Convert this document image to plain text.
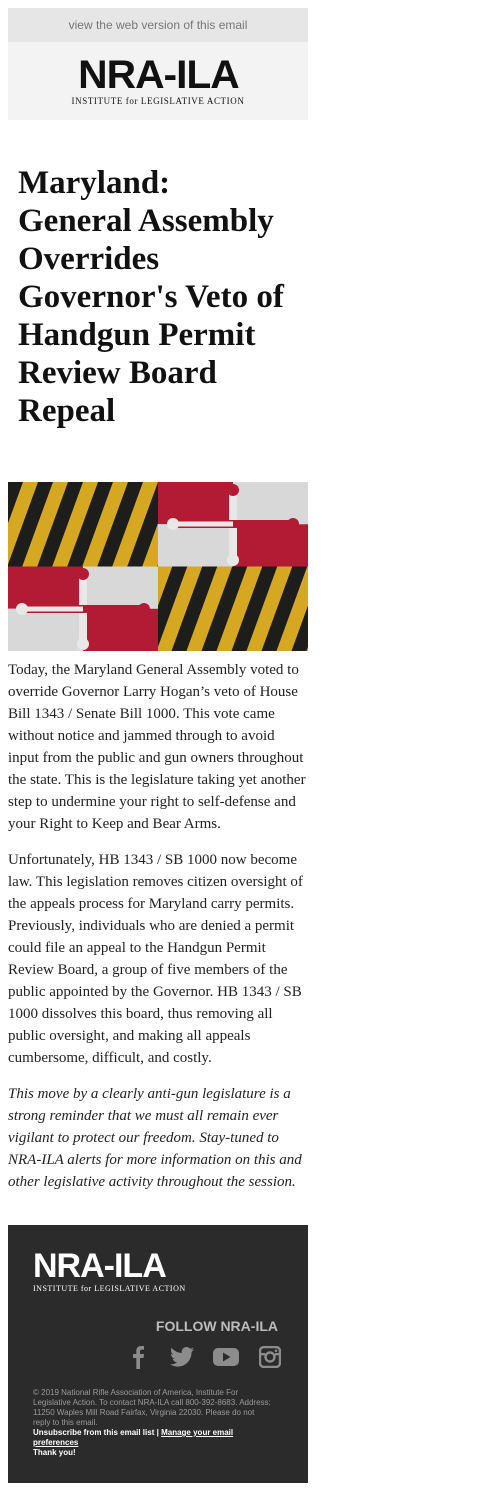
view the web version of this email
NRA-ILA
INSTITUTE for LEGISLATIVE ACTION
Maryland: General Assembly Overrides Governor's Veto of Handgun Permit Review Board Repeal

Today, the Maryland General Assembly voted to override Governor Larry Hogan’s veto of House Bill 1343 / Senate Bill 1000. This vote came without notice and jammed through to avoid input from the public and gun owners throughout the state. This is the legislature taking yet another step to undermine your right to self-defense and your Right to Keep and Bear Arms.

Unfortunately, HB 1343 / SB 1000 now become law. This legislation removes citizen oversight of the appeals process for Maryland carry permits. Previously, individuals who are denied a permit could file an appeal to the Handgun Permit Review Board, a group of five members of the public appointed by the Governor. HB 1343 / SB 1000 dissolves this board, thus removing all public oversight, and making all appeals cumbersome, difficult, and costly.

This move by a clearly anti-gun legislature is a strong reminder that we must all remain ever vigilant to protect our freedom. Stay-tuned to NRA-ILA alerts for more information on this and other legislative activity throughout the session.

NRA-ILA
INSTITUTE for LEGISLATIVE ACTION
FOLLOW NRA-ILA
© 2019 National Rifle Association of America, Institute For Legislative Action. To contact NRA-ILA call 800-392-8683. Address: 11250 Waples Mill Road Fairfax, Virginia 22030. Please do not reply to this email.
Unsubscribe from this email list | Manage your email preferences
Thank you!
